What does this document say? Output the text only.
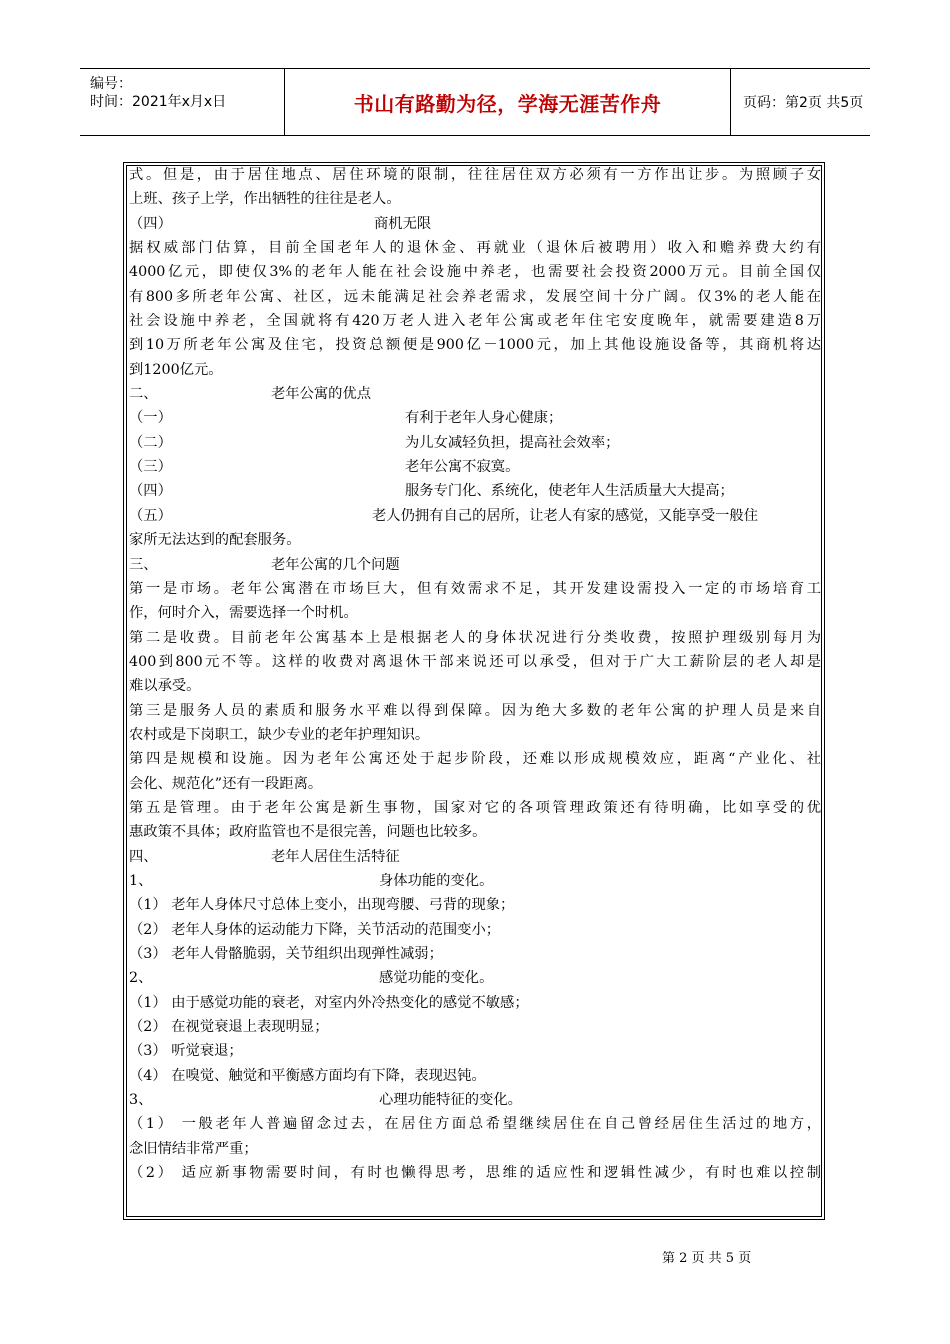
编号：
时间：2021年x月x日	书山有路勤为径，学海无涯苦作舟	页码：第2页 共5页
式。但是，由于居住地点、居住环境的限制，往往居住双方必须有一方作出让步。为照顾子女
上班、孩子上学，作出牺牲的往往是老人。
（四）	商机无限
据权威部门估算，目前全国老年人的退休金、再就业（退休后被聘用）收入和赡养费大约有
4000亿元，即使仅3%的老年人能在社会设施中养老，也需要社会投资2000万元。目前全国仅
有800多所老年公寓、社区，远未能满足社会养老需求，发展空间十分广阔。仅3%的老人能在
社会设施中养老，全国就将有420万老人进入老年公寓或老年住宅安度晚年，就需要建造8万
到10万所老年公寓及住宅，投资总额便是900亿－1000元，加上其他设施设备等，其商机将达
到1200亿元。
二、	老年公寓的优点
（一）	有利于老年人身心健康；
（二）	为儿女减轻负担，提高社会效率；
（三）	老年公寓不寂寞。
（四）	服务专门化、系统化，使老年人生活质量大大提高；
（五）	老人仍拥有自己的居所，让老人有家的感觉，又能享受一般住
家所无法达到的配套服务。
三、	老年公寓的几个问题
第一是市场。老年公寓潜在市场巨大，但有效需求不足，其开发建设需投入一定的市场培育工
作，何时介入，需要选择一个时机。
第二是收费。目前老年公寓基本上是根据老人的身体状况进行分类收费，按照护理级别每月为
400到800元不等。这样的收费对离退休干部来说还可以承受，但对于广大工薪阶层的老人却是
难以承受。
第三是服务人员的素质和服务水平难以得到保障。因为绝大多数的老年公寓的护理人员是来自
农村或是下岗职工，缺少专业的老年护理知识。
第四是规模和设施。因为老年公寓还处于起步阶段，还难以形成规模效应，距离“产业化、社
会化、规范化”还有一段距离。
第五是管理。由于老年公寓是新生事物，国家对它的各项管理政策还有待明确，比如享受的优
惠政策不具体；政府监管也不是很完善，问题也比较多。
四、	老年人居住生活特征
1、	身体功能的变化。
（1） 老年人身体尺寸总体上变小，出现弯腰、弓背的现象；
（2） 老年人身体的运动能力下降，关节活动的范围变小；
（3） 老年人骨骼脆弱，关节组织出现弹性减弱；
2、	感觉功能的变化。
（1） 由于感觉功能的衰老，对室内外冷热变化的感觉不敏感；
（2） 在视觉衰退上表现明显；
（3） 听觉衰退；
（4） 在嗅觉、触觉和平衡感方面均有下降，表现迟钝。
3、	心理功能特征的变化。
（1） 一般老年人普遍留念过去，在居住方面总希望继续居住在自己曾经居住生活过的地方，
念旧情结非常严重；
（2） 适应新事物需要时间，有时也懒得思考，思维的适应性和逻辑性减少，有时也难以控制
第 2 页 共 5 页
